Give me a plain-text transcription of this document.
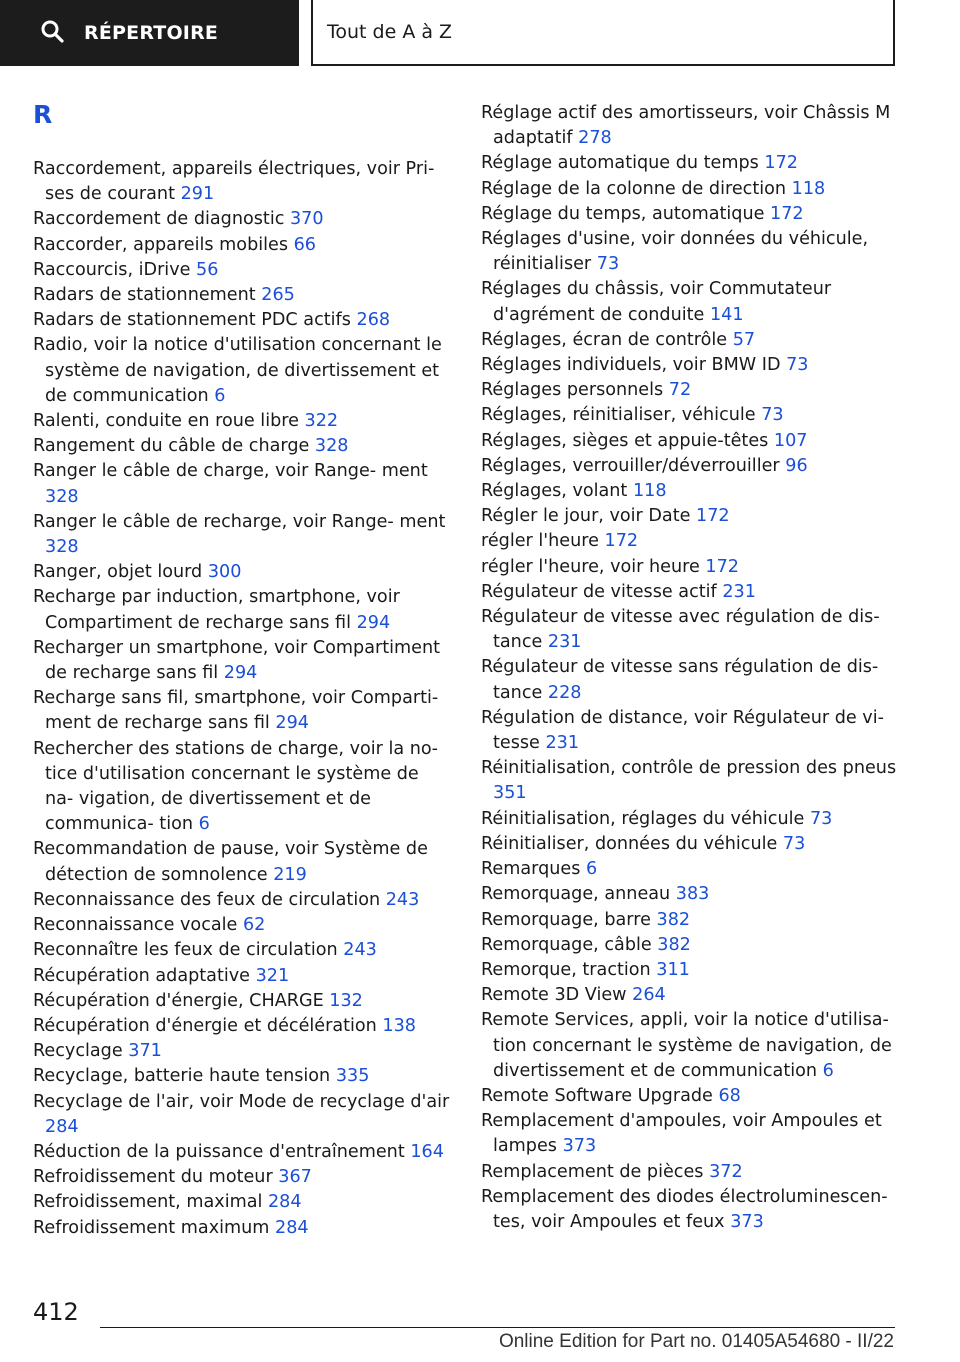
RÉPERTOIRE	Tout de A à Z
R
Raccordement, appareils électriques, voir Pri‐ ses de courant 291
Raccordement de diagnostic 370
Raccorder, appareils mobiles 66
Raccourcis, iDrive 56
Radars de stationnement 265
Radars de stationnement PDC actifs 268
Radio, voir la notice d'utilisation concernant le système de navigation, de divertissement et de communication 6
Ralenti, conduite en roue libre 322
Rangement du câble de charge 328
Ranger le câble de charge, voir Range‐ ment 328
Ranger le câble de recharge, voir Range‐ ment 328
Ranger, objet lourd 300
Recharge par induction, smartphone, voir Compartiment de recharge sans fil 294
Recharger un smartphone, voir Compartiment de recharge sans fil 294
Recharge sans fil, smartphone, voir Comparti‐ ment de recharge sans fil 294
Rechercher des stations de charge, voir la no‐ tice d'utilisation concernant le système de na‐ vigation, de divertissement et de communica‐ tion 6
Recommandation de pause, voir Système de détection de somnolence 219
Reconnaissance des feux de circulation 243
Reconnaissance vocale 62
Reconnaître les feux de circulation 243
Récupération adaptative 321
Récupération d'énergie, CHARGE 132
Récupération d'énergie et décélération 138
Recyclage 371
Recyclage, batterie haute tension 335
Recyclage de l'air, voir Mode de recyclage d'air 284
Réduction de la puissance d'entraînement 164
Refroidissement du moteur 367
Refroidissement, maximal 284
Refroidissement maximum 284
Réglage actif des amortisseurs, voir Châssis M adaptatif 278
Réglage automatique du temps 172
Réglage de la colonne de direction 118
Réglage du temps, automatique 172
Réglages d'usine, voir données du véhicule, réinitialiser 73
Réglages du châssis, voir Commutateur d'agrément de conduite 141
Réglages, écran de contrôle 57
Réglages individuels, voir BMW ID 73
Réglages personnels 72
Réglages, réinitialiser, véhicule 73
Réglages, sièges et appuie-têtes 107
Réglages, verrouiller/déverrouiller 96
Réglages, volant 118
Régler le jour, voir Date 172
régler l'heure 172
régler l'heure, voir heure 172
Régulateur de vitesse actif 231
Régulateur de vitesse avec régulation de dis‐ tance 231
Régulateur de vitesse sans régulation de dis‐ tance 228
Régulation de distance, voir Régulateur de vi‐ tesse 231
Réinitialisation, contrôle de pression des pneus 351
Réinitialisation, réglages du véhicule 73
Réinitialiser, données du véhicule 73
Remarques 6
Remorquage, anneau 383
Remorquage, barre 382
Remorquage, câble 382
Remorque, traction 311
Remote 3D View 264
Remote Services, appli, voir la notice d'utilisa‐ tion concernant le système de navigation, de divertissement et de communication 6
Remote Software Upgrade 68
Remplacement d'ampoules, voir Ampoules et lampes 373
Remplacement de pièces 372
Remplacement des diodes électroluminescen‐ tes, voir Ampoules et feux 373
412
Online Edition for Part no. 01405A54680 - II/22
